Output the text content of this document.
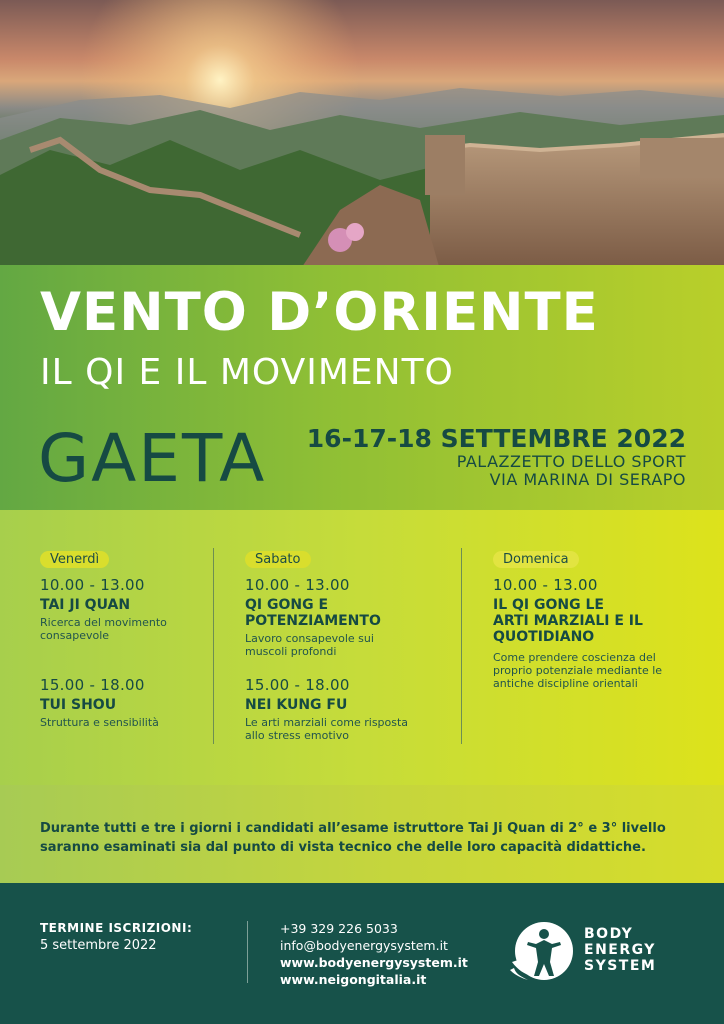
VENTO D’ORIENTE
IL QI E IL MOVIMENTO
GAETA 16-17-18 SETTEMBRE 2022
PALAZZETTO DELLO SPORT
VIA MARINA DI SERAPO
Venerdì
10.00 - 13.00
TAI JI QUAN
Ricerca del movimento consapevole
15.00 - 18.00
TUI SHOU
Struttura e sensibilità
Sabato
10.00 - 13.00
QI GONG E POTENZIAMENTO
Lavoro consapevole sui muscoli profondi
15.00 - 18.00
NEI KUNG FU
Le arti marziali come risposta allo stress emotivo
Domenica
10.00 - 13.00
IL QI GONG LE ARTI MARZIALI E IL QUOTIDIANO
Come prendere coscienza del proprio potenziale mediante le antiche discipline orientali
Durante tutti e tre i giorni i candidati all’esame istruttore Tai Ji Quan di 2° e 3° livello saranno esaminati sia dal punto di vista tecnico che delle loro capacità didattiche.
TERMINE ISCRIZIONI:
5 settembre 2022
+39 329 226 5033
info@bodyenergysystem.it
www.bodyenergysystem.it
www.neigongitalia.it
BODY
ENERGY
SYSTEM
